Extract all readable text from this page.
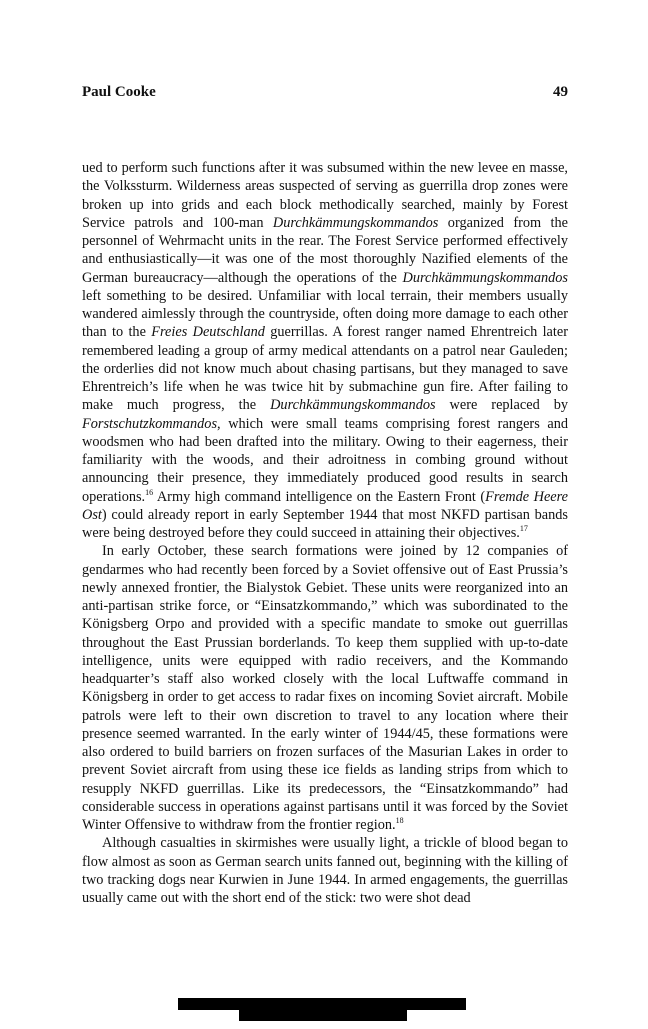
Paul Cooke	49

ued to perform such functions after it was subsumed within the new levee en masse, the Volkssturm. Wilderness areas suspected of serving as guerrilla drop zones were broken up into grids and each block methodically searched, mainly by Forest Service patrols and 100-man Durchkämmungskommandos organized from the personnel of Wehrmacht units in the rear. The Forest Service performed effectively and enthusiastically—it was one of the most thoroughly Nazified elements of the German bureaucracy—although the operations of the Durchkämmungskommandos left something to be desired. Unfamiliar with local terrain, their members usually wandered aimlessly through the countryside, often doing more damage to each other than to the Freies Deutschland guerrillas. A forest ranger named Ehrentreich later remembered leading a group of army medical attendants on a patrol near Gauleden; the orderlies did not know much about chasing partisans, but they managed to save Ehrentreich’s life when he was twice hit by submachine gun fire. After failing to make much progress, the Durchkämmungskommandos were replaced by Forstschutzkommandos, which were small teams comprising forest rangers and woodsmen who had been drafted into the military. Owing to their eagerness, their familiarity with the woods, and their adroitness in combing ground without announcing their presence, they immediately produced good results in search operations.$^{16}$ Army high command intelligence on the Eastern Front (Fremde Heere Ost) could already report in early September 1944 that most NKFD partisan bands were being destroyed before they could succeed in attaining their objectives.$^{17}$

In early October, these search formations were joined by 12 companies of gendarmes who had recently been forced by a Soviet offensive out of East Prussia’s newly annexed frontier, the Bialystok Gebiet. These units were reorganized into an anti-partisan strike force, or “Einsatzkommando,” which was subordinated to the Königsberg Orpo and provided with a specific mandate to smoke out guerrillas throughout the East Prussian borderlands. To keep them supplied with up-to-date intelligence, units were equipped with radio receivers, and the Kommando headquarter’s staff also worked closely with the local Luftwaffe command in Königsberg in order to get access to radar fixes on incoming Soviet aircraft. Mobile patrols were left to their own discretion to travel to any location where their presence seemed warranted. In the early winter of 1944/45, these formations were also ordered to build barriers on frozen surfaces of the Masurian Lakes in order to prevent Soviet aircraft from using these ice fields as landing strips from which to resupply NKFD guerrillas. Like its predecessors, the “Einsatzkommando” had considerable success in operations against partisans until it was forced by the Soviet Winter Offensive to withdraw from the frontier region.$^{18}$

Although casualties in skirmishes were usually light, a trickle of blood began to flow almost as soon as German search units fanned out, beginning with the killing of two tracking dogs near Kurwien in June 1944. In armed engagements, the guerrillas usually came out with the short end of the stick: two were shot dead
